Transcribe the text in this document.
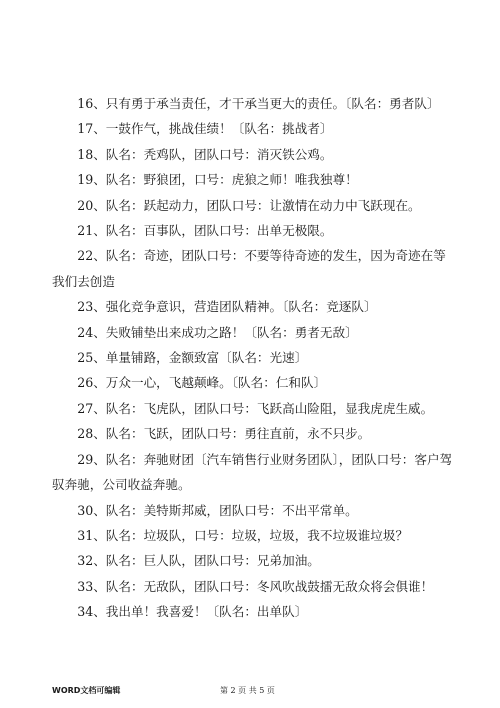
16、只有勇于承当责任，才干承当更大的责任。〔队名：勇者队〕

17、一鼓作气，挑战佳绩！〔队名：挑战者〕

18、队名：秃鸡队，团队口号：消灭铁公鸡。

19、队名：野狼团，口号：虎狼之师！唯我独尊！

20、队名：跃起动力，团队口号：让激情在动力中飞跃现在。

21、队名：百事队，团队口号：出单无极限。

22、队名：奇迹，团队口号：不要等待奇迹的发生，因为奇迹在等我们去创造

23、强化竞争意识，营造团队精神。〔队名：竞逐队〕

24、失败铺垫出来成功之路！〔队名：勇者无敌〕

25、单量铺路，金额致富〔队名：光速〕

26、万众一心，飞越颠峰。〔队名：仁和队〕

27、队名：飞虎队，团队口号：飞跃高山险阻，显我虎虎生威。

28、队名：飞跃，团队口号：勇往直前，永不只步。

29、队名：奔驰财团〔汽车销售行业财务团队〕，团队口号：客户驾驭奔驰，公司收益奔驰。

30、队名：美特斯邦威，团队口号：不出平常单。

31、队名：垃圾队，口号：垃圾，垃圾，我不垃圾谁垃圾？

32、队名：巨人队，团队口号：兄弟加油。

33、队名：无敌队，团队口号：冬风吹战鼓擂无敌众将会俱谁！

34、我出单！我喜爱！〔队名：出单队〕

WORD文档可编辑	第 2 页 共 5 页
